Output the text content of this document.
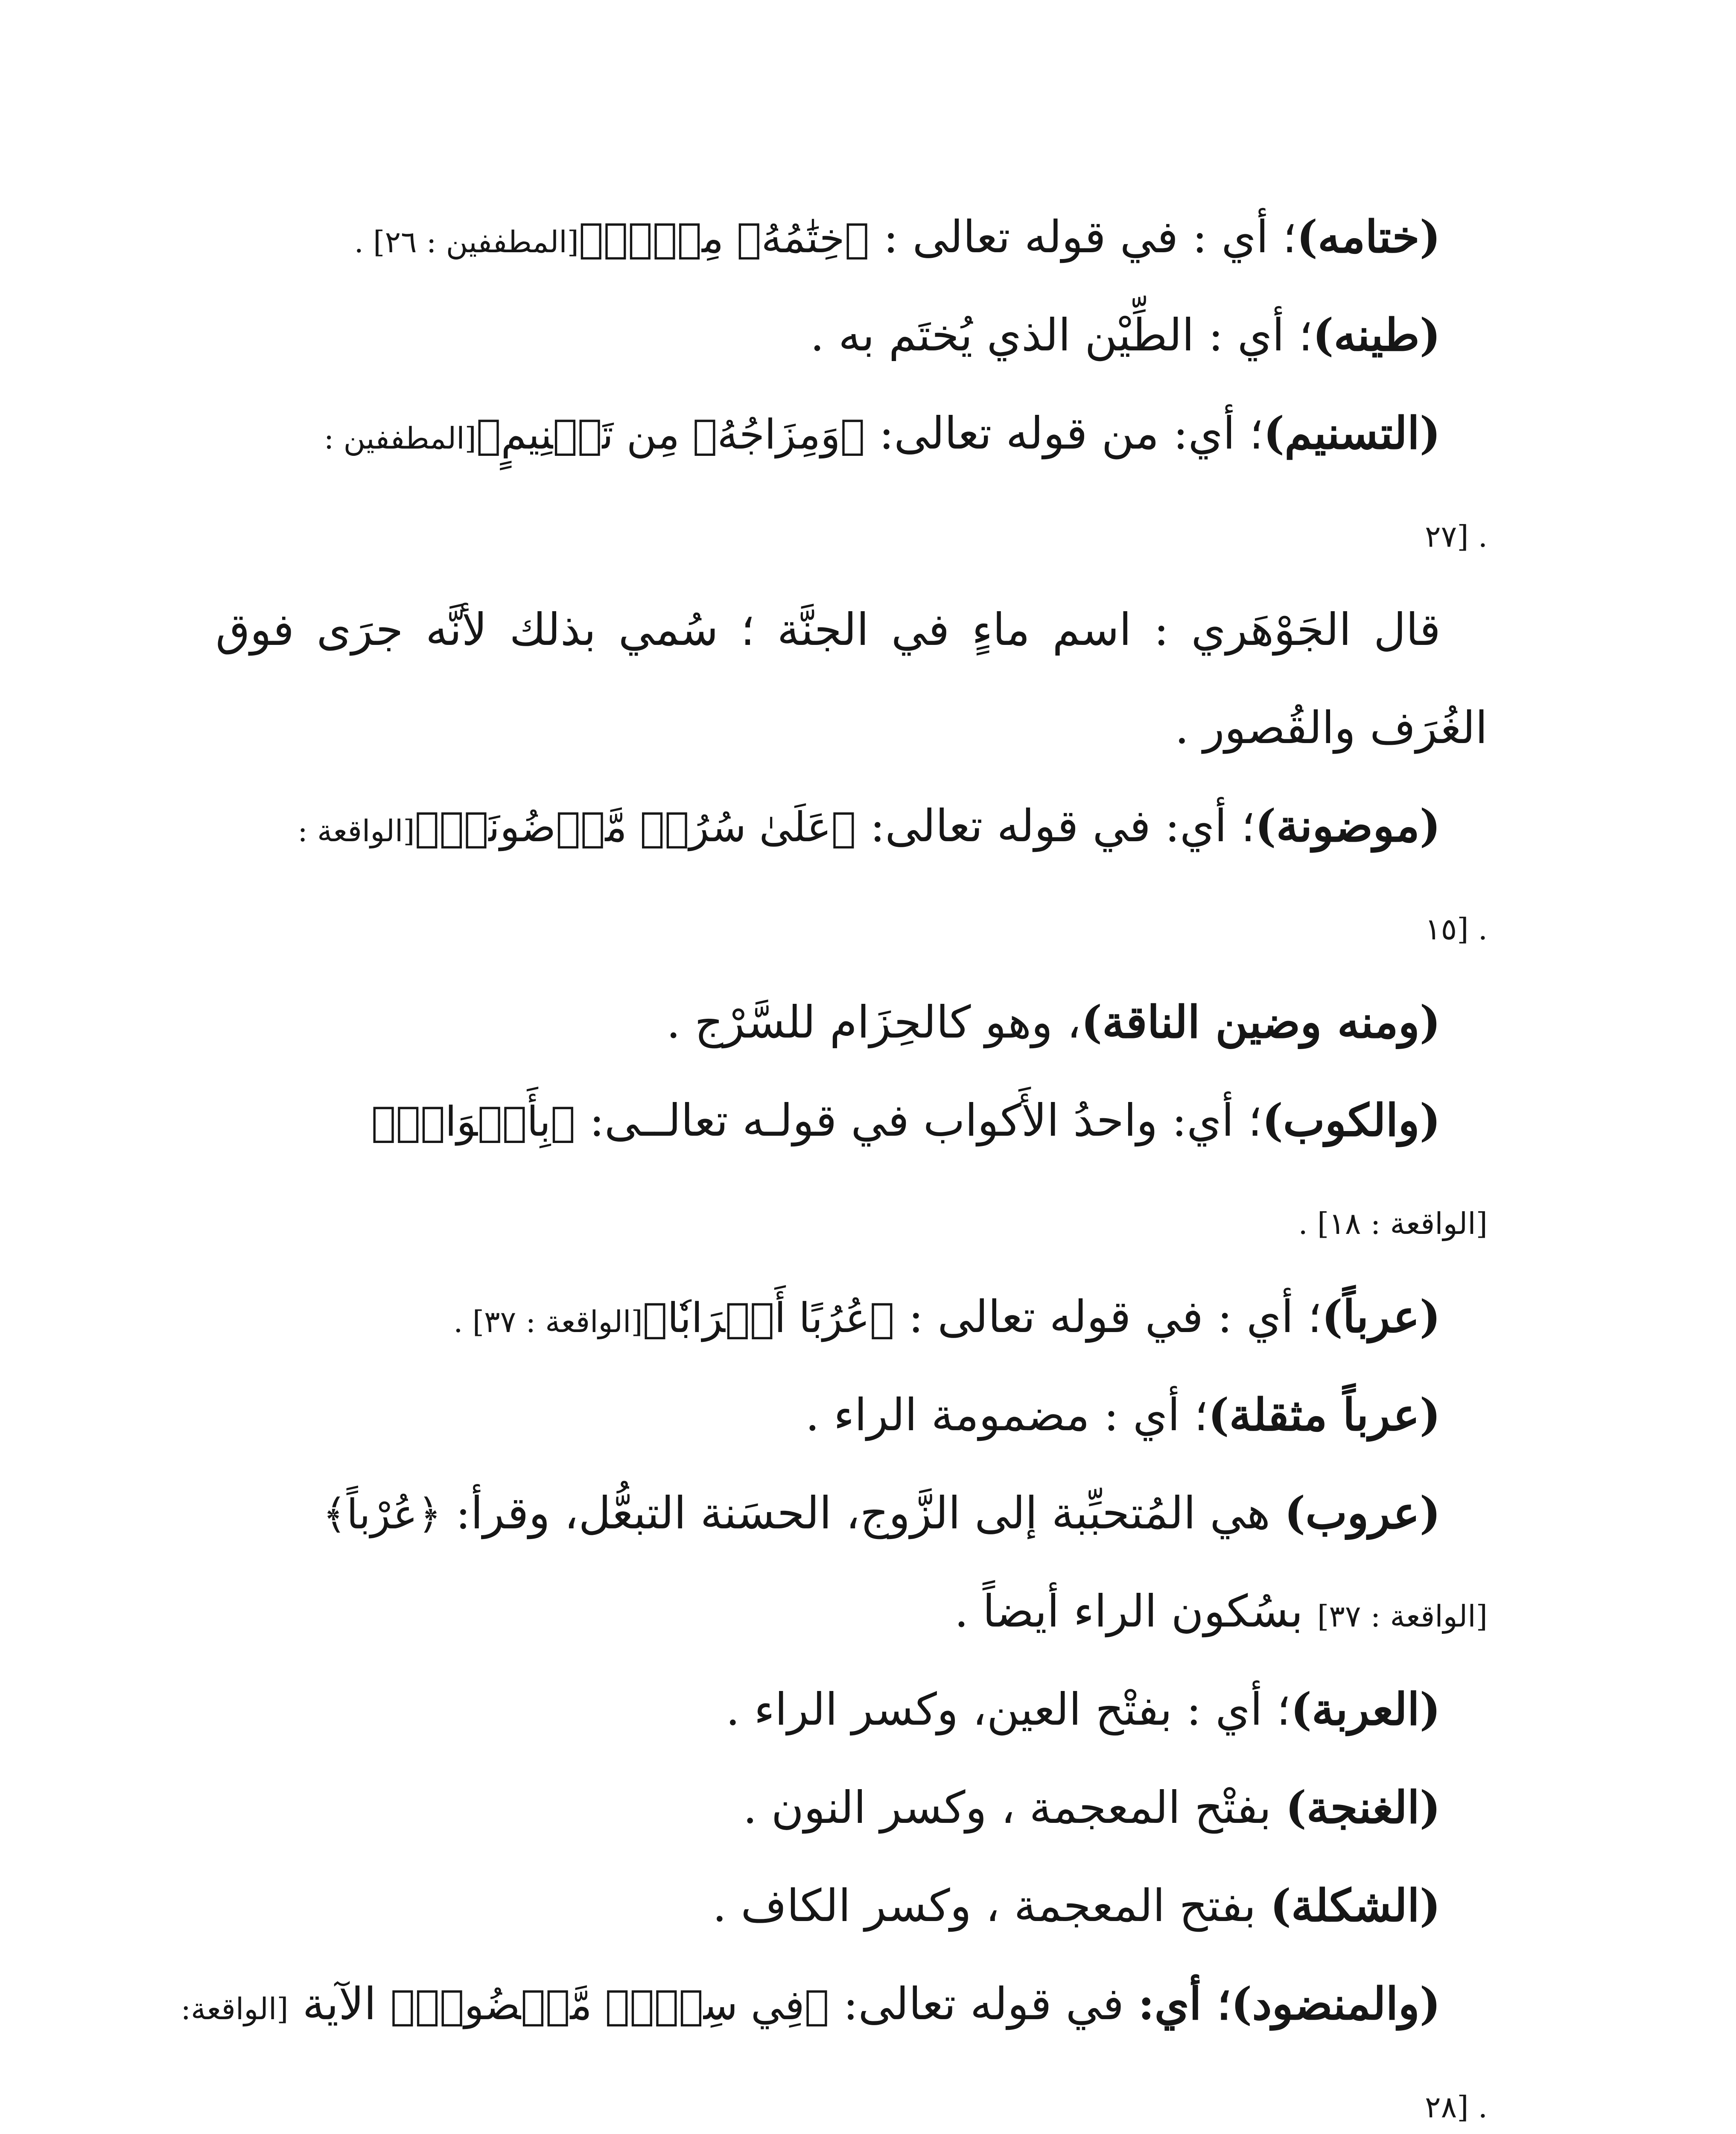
(ختامه)؛ أي : في قوله تعالى : ﴿خِتَٰمُهُۥ مِسۡكٞ﴾[المطففين : ٢٦] .
(طينه)؛ أي : الطِّيْن الذي يُختَم به .
(التسنيم)؛ أي: من قوله تعالى: ﴿وَمِزَاجُهُۥ مِن تَسۡنِيمٍ﴾[المطففين :
. [٢٧
قال الجَوْهَري : اسم ماءٍ في الجنَّة ؛ سُمي بذلك لأنَّه جرَى فوق
الغُرَف والقُصور .
(موضونة)؛ أي: في قوله تعالى: ﴿عَلَىٰ سُرُرٖ مَّوۡضُونَةٖ﴾[الواقعة :
. [١٥
(ومنه وضين الناقة)، وهو كالحِزَام للسَّرْج .
(والكوب)؛ أي: واحدُ الأَكواب في قولـه تعالــى: ﴿بِأَكۡوَابٖ﴾
[الواقعة : ١٨] .
(عرباً)؛ أي : في قوله تعالى : ﴿عُرُبًا أَتۡرَابٗا﴾[الواقعة : ٣٧] .
(عرباً مثقلة)؛ أي : مضمومة الراء .
(عروب) هي المُتحبِّبة إلى الزَّوج، الحسَنة التبعُّل، وقرأ: ﴿عُرْباً﴾
[الواقعة : ٣٧] بسُكون الراء أيضاً .
(العربة)؛ أي : بفتْح العين، وكسر الراء .
(الغنجة) بفتْح المعجمة ، وكسر النون .
(الشكلة) بفتح المعجمة ، وكسر الكاف .
(والمنضود)؛ أي: في قوله تعالى: ﴿فِي سِدۡرٖ مَّخۡضُودٖ﴾ الآية [الواقعة:
. [٢٨
